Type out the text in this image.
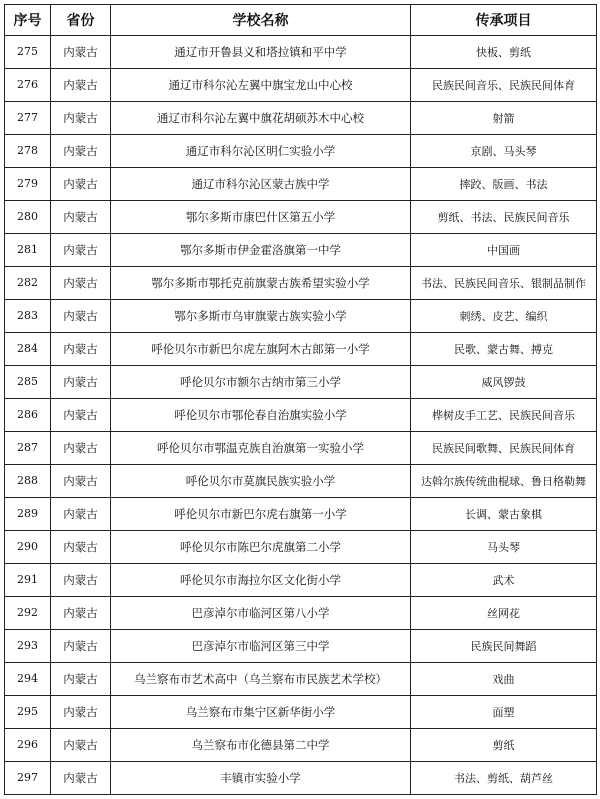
序号	省份	学校名称	传承项目
275	内蒙古	通辽市开鲁县义和塔拉镇和平中学	快板、剪纸
276	内蒙古	通辽市科尔沁左翼中旗宝龙山中心校	民族民间音乐、民族民间体育
277	内蒙古	通辽市科尔沁左翼中旗花胡硕苏木中心校	射箭
278	内蒙古	通辽市科尔沁区明仁实验小学	京剧、马头琴
279	内蒙古	通辽市科尔沁区蒙古族中学	摔跤、版画、书法
280	内蒙古	鄂尔多斯市康巴什区第五小学	剪纸、书法、民族民间音乐
281	内蒙古	鄂尔多斯市伊金霍洛旗第一中学	中国画
282	内蒙古	鄂尔多斯市鄂托克前旗蒙古族希望实验小学	书法、民族民间音乐、银制品制作
283	内蒙古	鄂尔多斯市乌审旗蒙古族实验小学	刺绣、皮艺、编织
284	内蒙古	呼伦贝尔市新巴尔虎左旗阿木古郎第一小学	民歌、蒙古舞、搏克
285	内蒙古	呼伦贝尔市额尔古纳市第三小学	威风锣鼓
286	内蒙古	呼伦贝尔市鄂伦春自治旗实验小学	桦树皮手工艺、民族民间音乐
287	内蒙古	呼伦贝尔市鄂温克族自治旗第一实验小学	民族民间歌舞、民族民间体育
288	内蒙古	呼伦贝尔市莫旗民族实验小学	达斡尔族传统曲棍球、鲁日格勒舞
289	内蒙古	呼伦贝尔市新巴尔虎右旗第一小学	长调、蒙古象棋
290	内蒙古	呼伦贝尔市陈巴尔虎旗第二小学	马头琴
291	内蒙古	呼伦贝尔市海拉尔区文化街小学	武术
292	内蒙古	巴彦淖尔市临河区第八小学	丝网花
293	内蒙古	巴彦淖尔市临河区第三中学	民族民间舞蹈
294	内蒙古	乌兰察布市艺术高中（乌兰察布市民族艺术学校）	戏曲
295	内蒙古	乌兰察布市集宁区新华街小学	面塑
296	内蒙古	乌兰察布市化德县第二中学	剪纸
297	内蒙古	丰镇市实验小学	书法、剪纸、葫芦丝
